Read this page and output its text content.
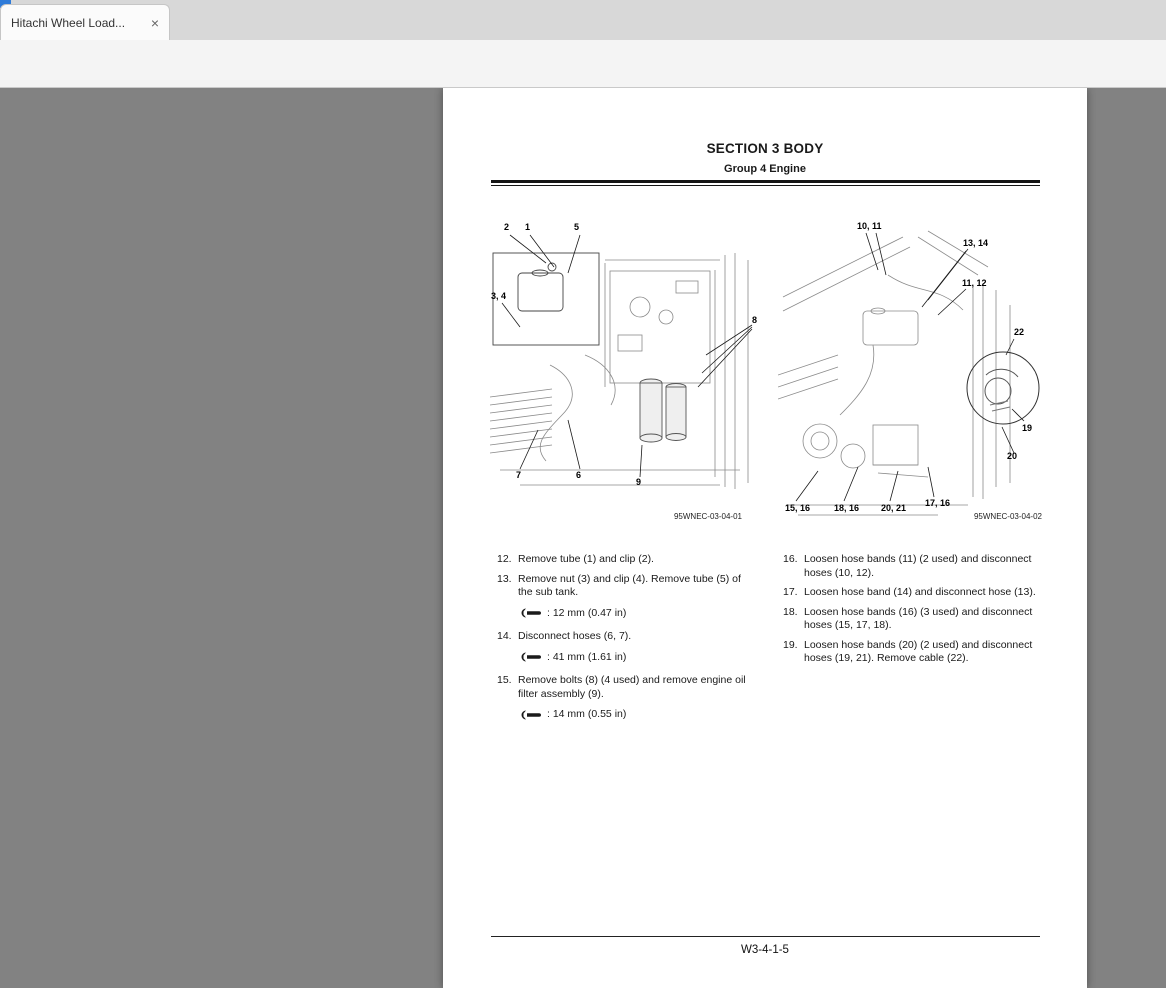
Hitachi Wheel Load...	×
145
SECTION 3 BODY
Group 4 Engine
2 1	5
3, 4
8
7	6
9
95WNEC-03-04-01
10, 11
13, 14
11, 12
22
19
20
15, 16	18, 16 20, 21 17, 16
95WNEC-03-04-02
12. Remove tube (1) and clip (2).
13. Remove nut (3) and clip (4). Remove tube (5) of the sub tank.
: 12 mm (0.47 in)
14. Disconnect hoses (6, 7).
: 41 mm (1.61 in)
15. Remove bolts (8) (4 used) and remove engine oil filter assembly (9).
: 14 mm (0.55 in)
16. Loosen hose bands (11) (2 used) and disconnect hoses (10, 12).
17. Loosen hose band (14) and disconnect hose (13).
18. Loosen hose bands (16) (3 used) and disconnect hoses (15, 17, 18).
19. Loosen hose bands (20) (2 used) and disconnect hoses (19, 21). Remove cable (22).
W3-4-1-5
